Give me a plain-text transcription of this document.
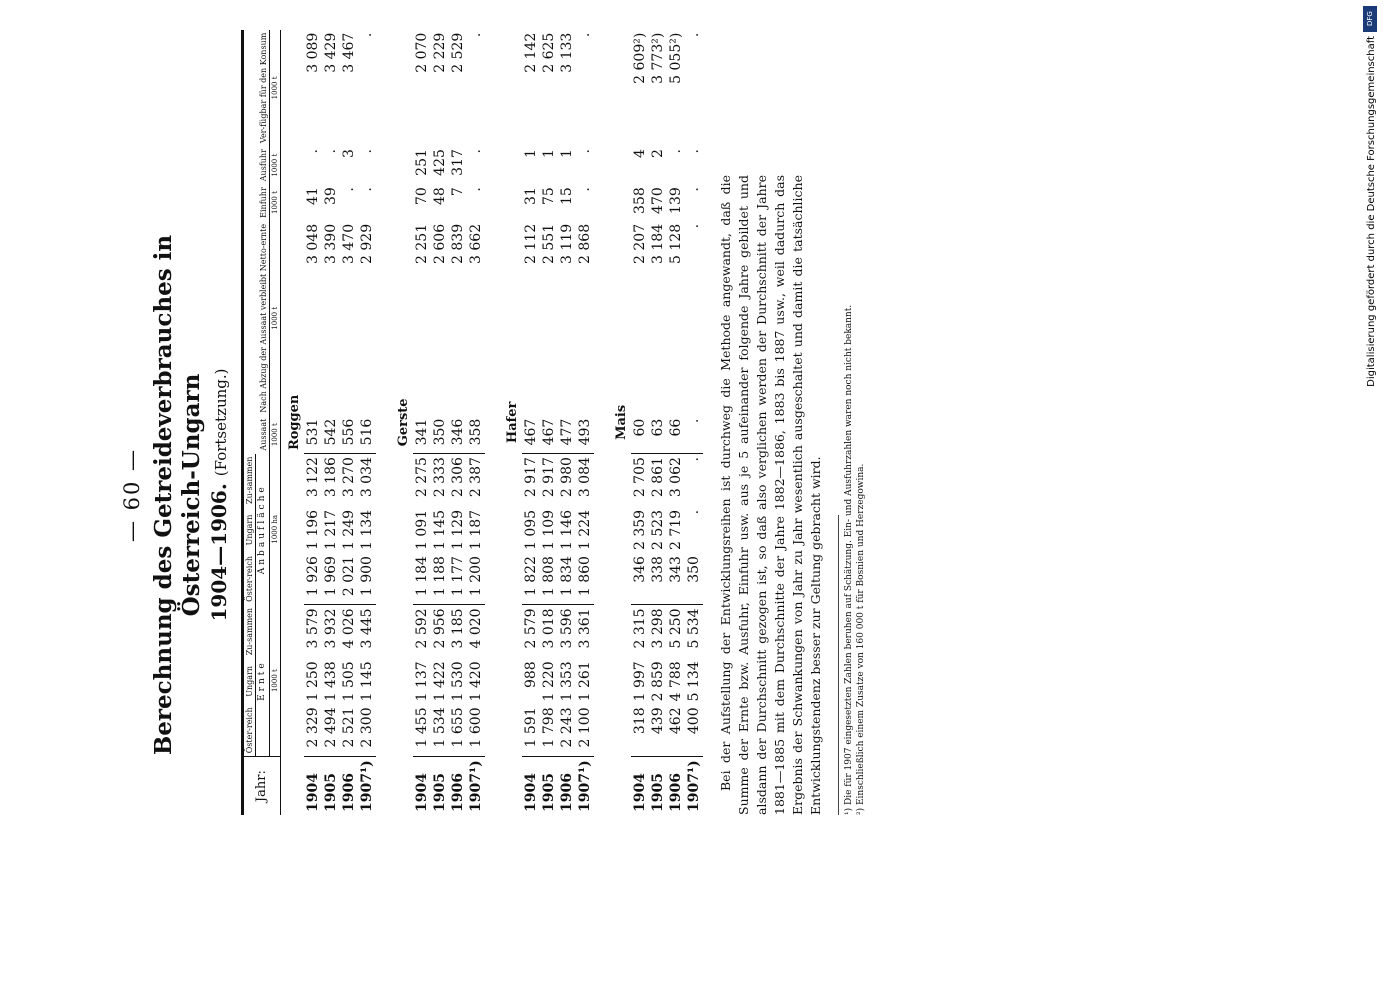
— 60 — Berechnung des Getreideverbrauches in Österreich-Ungarn 1904—1906. (Fortsetzung.)
Jahr:	Öster-reich	Ungarn	Zu-sammen	Öster-reich	Ungarn	Zu-sammen	Aussaat	Nach Abzug der Aussaat verbleibt Netto-ernte	Einfuhr	Ausfuhr	Ver-fügbar für den Konsum
	Ernte			Anbaufläche							
	1000 t			1000 ha			1000 t	1000 t	1000 t	1000 t	1000 t
Roggen											
1904	2 329	1 250	3 579	1 926	1 196	3 122	531	3 048	41	.	3 089
1905	2 494	1 438	3 932	1 969	1 217	3 186	542	3 390	39	.	3 429
1906	2 521	1 505	4 026	2 021	1 249	3 270	556	3 470	.	3	3 467
1907¹)	2 300	1 145	3 445	1 900	1 134	3 034	516	2 929	.	.	.

Gerste											
1904	1 455	1 137	2 592	1 184	1 091	2 275	341	2 251	70	251	2 070
1905	1 534	1 422	2 956	1 188	1 145	2 333	350	2 606	48	425	2 229
1906	1 655	1 530	3 185	1 177	1 129	2 306	346	2 839	7	317	2 529
1907¹)	1 600	1 420	4 020	1 200	1 187	2 387	358	3 662	.	.	.

Hafer											
1904	1 591	988	2 579	1 822	1 095	2 917	467	2 112	31	1	2 142
1905	1 798	1 220	3 018	1 808	1 109	2 917	467	2 551	75	1	2 625
1906	2 243	1 353	3 596	1 834	1 146	2 980	477	3 119	15	1	3 133
1907¹)	2 100	1 261	3 361	1 860	1 224	3 084	493	2 868	.	.	.

Mais											
1904	318	1 997	2 315	346	2 359	2 705	60	2 207	358	4	2 609²)
1905	439	2 859	3 298	338	2 523	2 861	63	3 184	470	2	3 773²)
1906	462	4 788	5 250	343	2 719	3 062	66	5 128	139	.	5 055²)
1907¹)	400	5 134	5 534	350	.	.	.	.	.	.	.

Bei der Aufstellung der Entwicklungsreihen ist durchweg die Methode angewandt, daß die Summe der Ernte bzw. Ausfuhr, Einfuhr usw. aus je 5 aufeinander folgende Jahre gebildet und alsdann der Durchschnitt gezogen ist, so daß also verglichen werden der Durchschnitt der Jahre 1881—1885 mit dem Durchschnitte der Jahre 1882—1886, 1883 bis 1887 usw., weil dadurch das Ergebnis der Schwankungen von Jahr zu Jahr wesentlich ausgeschaltet und damit die tatsächliche Entwicklungstendenz besser zur Geltung gebracht wird. ¹) Die für 1907 eingesetzten Zahlen beruhen auf Schätzung. Ein- und Ausfuhrzahlen waren noch nicht bekannt. ²) Einschließlich einem Zusatze von 160 000 t für Bosnien und Herzegowina.
DFG
Digitalisierung gefördert durch die Deutsche Forschungsgemeinschaft
